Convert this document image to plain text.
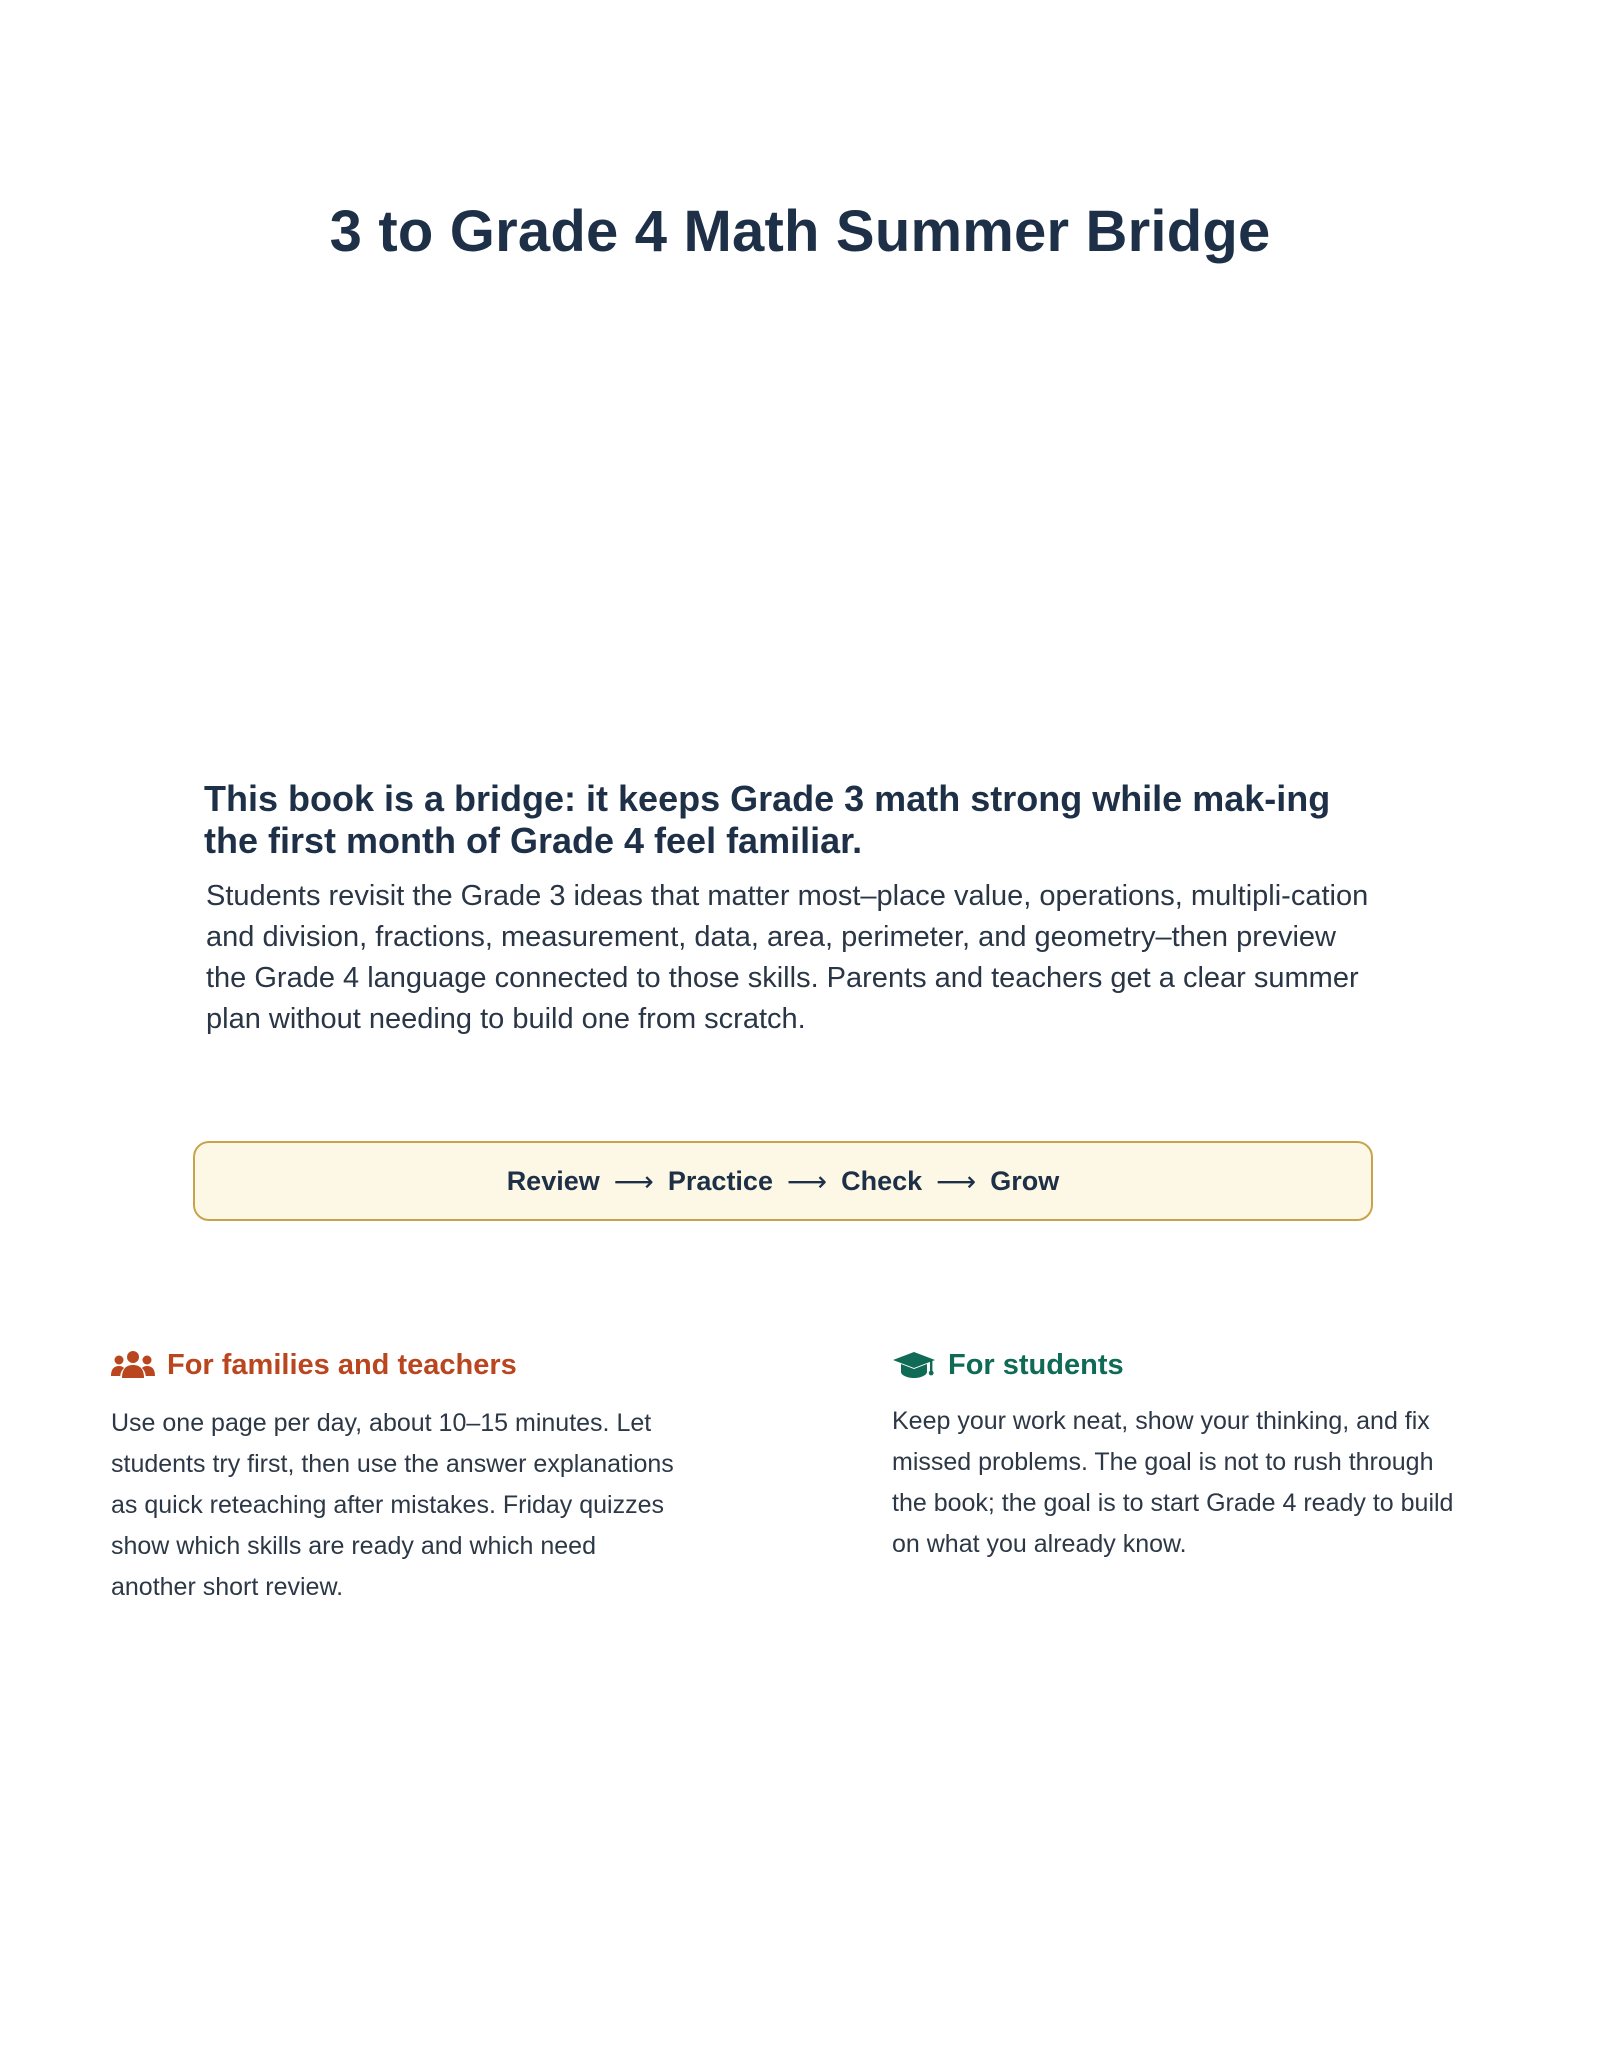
3 to Grade 4 Math Summer Bridge
This book is a bridge: it keeps Grade 3 math strong while mak-ing the first month of Grade 4 feel familiar.

Students revisit the Grade 3 ideas that matter most–place value, operations, multipli-cation and division, fractions, measurement, data, area, perimeter, and geometry–then preview the Grade 4 language connected to those skills. Parents and teachers get a clear summer plan without needing to build one from scratch.

Review ⟶ Practice ⟶ Check ⟶ Grow
For families and teachers

Use one page per day, about 10–15 minutes. Let students try first, then use the answer explanations as quick reteaching after mistakes. Friday quizzes show which skills are ready and which need another short review.

For students

Keep your work neat, show your thinking, and fix missed problems. The goal is not to rush through the book; the goal is to start Grade 4 ready to build on what you already know.
